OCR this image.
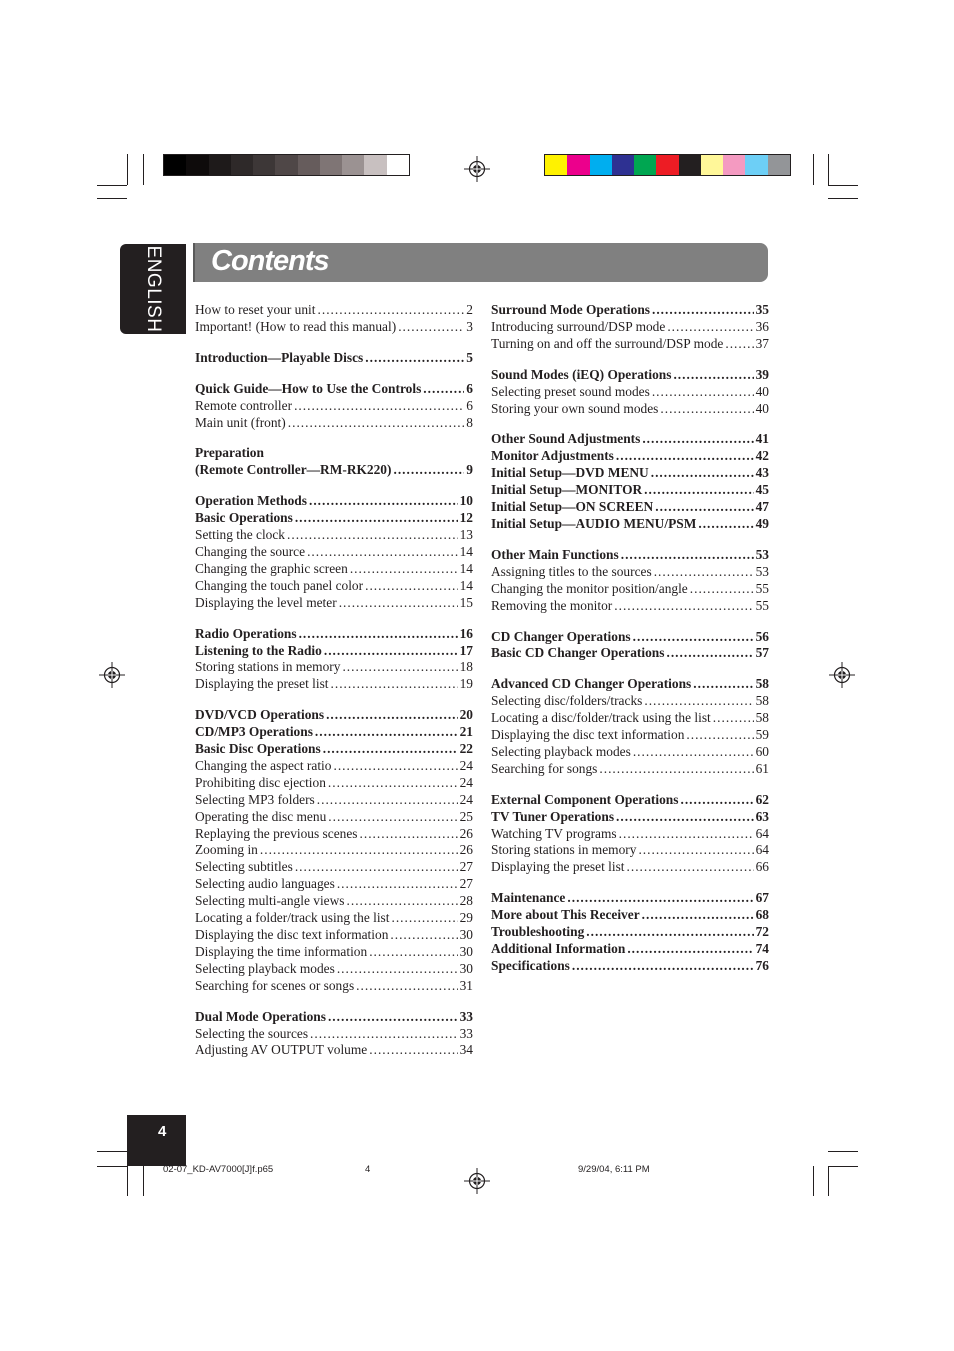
ENGLISH Contents
How to reset your unit .....	2
Important! (How to read this manual) .....	3
Introduction—Playable Discs .....	5
Quick Guide—How to Use the Controls .....	6
Remote controller .....	6
Main unit (front) .....	8
Preparation
(Remote Controller—RM-RK220) .....	9
Operation Methods .....	10
Basic Operations .....	12
Setting the clock .....	13
Changing the source .....	14
Changing the graphic screen .....	14
Changing the touch panel color .....	14
Displaying the level meter .....	15
Radio Operations .....	16
Listening to the Radio .....	17
Storing stations in memory .....	18
Displaying the preset list .....	19
DVD/VCD Operations .....	20
CD/MP3 Operations .....	21
Basic Disc Operations .....	22
Changing the aspect ratio .....	24
Prohibiting disc ejection .....	24
Selecting MP3 folders .....	24
Operating the disc menu .....	25
Replaying the previous scenes .....	26
Zooming in .....	26
Selecting subtitles .....	27
Selecting audio languages .....	27
Selecting multi-angle views .....	28
Locating a folder/track using the list .....	29
Displaying the disc text information .....	30
Displaying the time information .....	30
Selecting playback modes .....	30
Searching for scenes or songs .....	31
Dual Mode Operations .....	33
Selecting the sources .....	33
Adjusting AV OUTPUT volume .....	34
Surround Mode Operations .....	35
Introducing surround/DSP mode .....	36
Turning on and off the surround/DSP mode ..... 37
Sound Modes (iEQ) Operations .....	39
Selecting preset sound modes .....	40
Storing your own sound modes .....	40
Other Sound Adjustments .....	41
Monitor Adjustments .....	42
Initial Setup—DVD MENU .....	43
Initial Setup—MONITOR .....	45
Initial Setup—ON SCREEN .....	47
Initial Setup—AUDIO MENU/PSM .....	49
Other Main Functions .....	53
Assigning titles to the sources .....	53
Changing the monitor position/angle .....	55
Removing the monitor .....	55
CD Changer Operations .....	56
Basic CD Changer Operations .....	57
Advanced CD Changer Operations .....	58
Selecting disc/folders/tracks .....	58
Locating a disc/folder/track using the list .....	58
Displaying the disc text information .....	59
Selecting playback modes .....	60
Searching for songs .....	61
External Component Operations .....	62
TV Tuner Operations .....	63
Watching TV programs .....	64
Storing stations in memory .....	64
Displaying the preset list .....	66
Maintenance .....	67
More about This Receiver .....	68
Troubleshooting .....	72
Additional Information .....	74
Specifications .....	76
4
02-07_KD-AV7000[J]f.p65	4	9/29/04, 6:11 PM
